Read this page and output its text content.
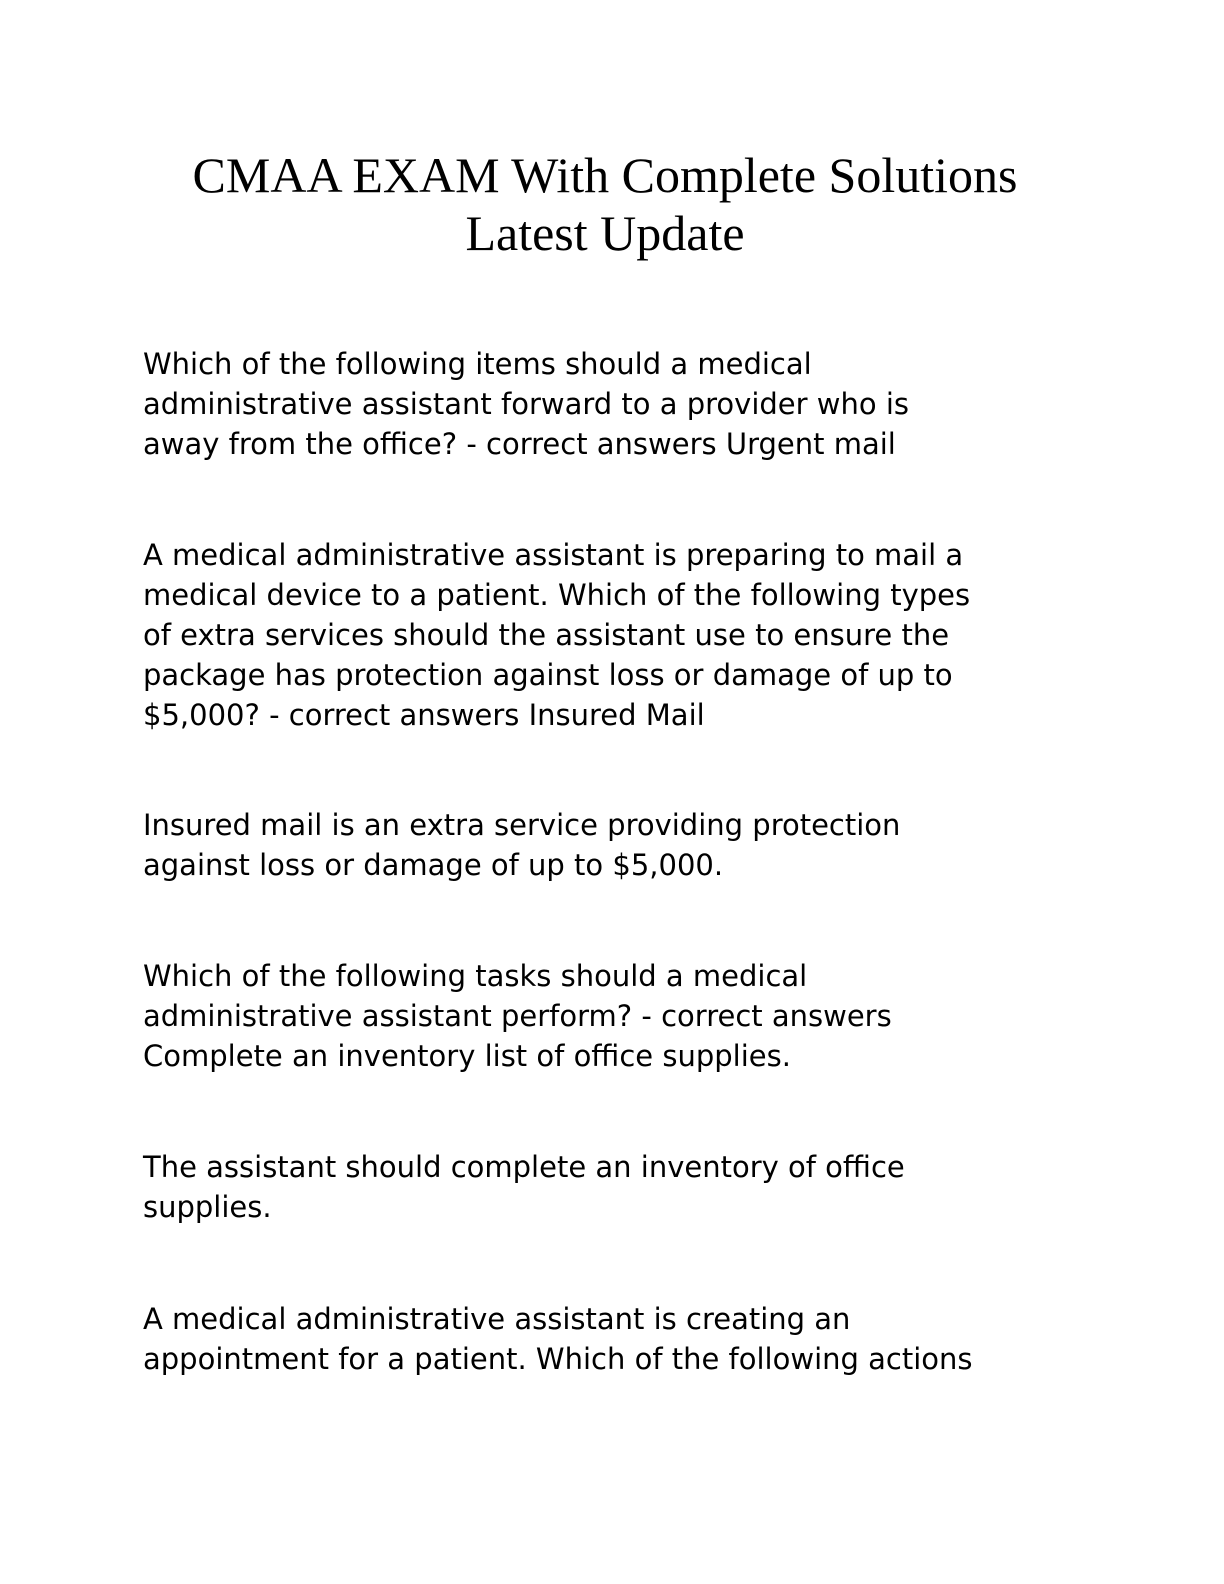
CMAA EXAM With Complete Solutions
Latest Update

Which of the following items should a medical
administrative assistant forward to a provider who is
away from the office? - correct answers Urgent mail

A medical administrative assistant is preparing to mail a
medical device to a patient. Which of the following types
of extra services should the assistant use to ensure the
package has protection against loss or damage of up to
$5,000? - correct answers Insured Mail

Insured mail is an extra service providing protection
against loss or damage of up to $5,000.

Which of the following tasks should a medical
administrative assistant perform? - correct answers
Complete an inventory list of office supplies.

The assistant should complete an inventory of office
supplies.

A medical administrative assistant is creating an
appointment for a patient. Which of the following actions
